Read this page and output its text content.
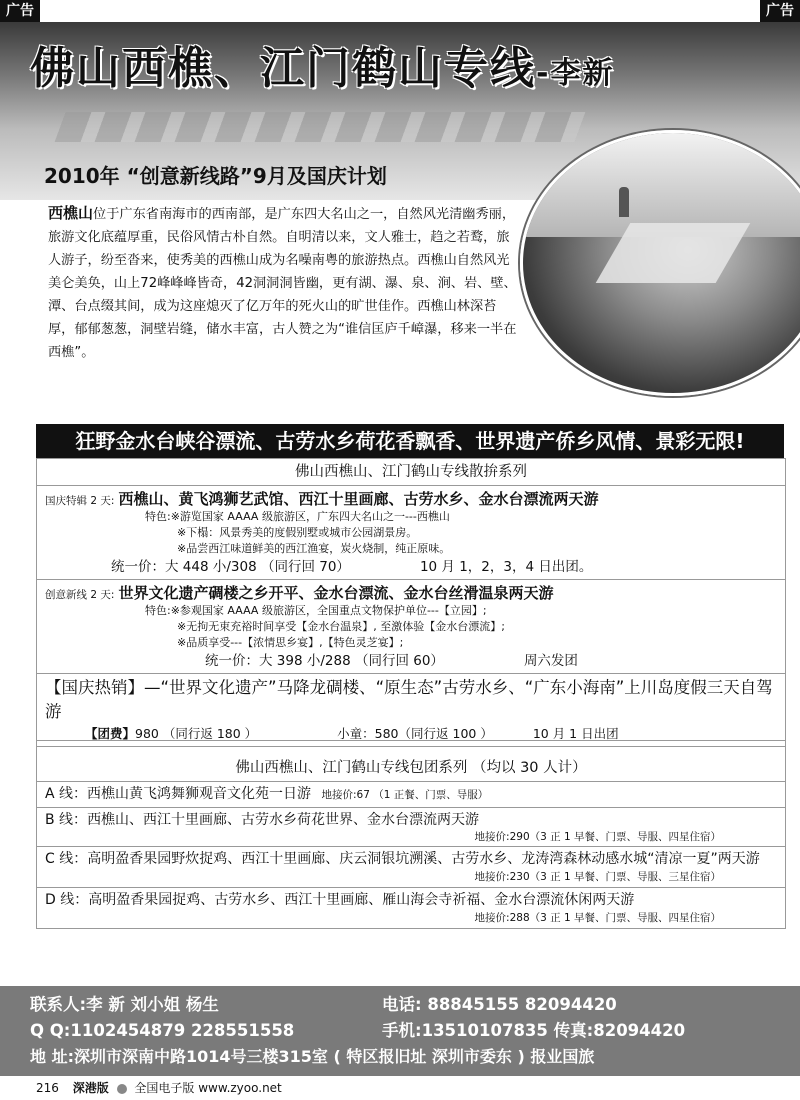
广告	广告
佛山西樵、江门鹤山专线-李新
2010年 “创意新线路”9月及国庆计划
西樵山位于广东省南海市的西南部，是广东四大名山之一，自然风光清幽秀丽，旅游文化底蕴厚重，民俗风情古朴自然。自明清以来，文人雅士，趋之若鹜，旅人游子，纷至沓来，使秀美的西樵山成为名噪南粤的旅游热点。西樵山自然风光美仑美奂，山上72峰峰峰皆奇，42洞洞洞皆幽，更有湖、瀑、泉、涧、岩、壁、潭、台点缀其间，成为这座熄灭了亿万年的死火山的旷世佳作。西樵山林深苔厚，郁郁葱葱，洞壁岩缝，储水丰富，古人赞之为“谁信匡庐千嶂瀑，移来一半在西樵”。
狂野金水台峡谷漂流、古劳水乡荷花香飘香、世界遗产侨乡风情、景彩无限!
佛山西樵山、江门鹤山专线散拚系列
国庆特辑 2 天: 西樵山、黄飞鸿狮艺武馆、西江十里画廊、古劳水乡、金水台漂流两天游
特色:※游览国家 AAAA 级旅游区，广东四大名山之一---西樵山
※下榻：风景秀美的度假别墅或城市公园湖景房。
※品尝西江味道鲜美的西江渔宴，炭火烧制，纯正原味。
统一价：大 448 小/308 （同行回 70）	10 月 1，2，3，4 日出团。
创意新线 2 天: 世界文化遗产碉楼之乡开平、金水台漂流、金水台丝滑温泉两天游
特色:※参观国家 AAAA 级旅游区，全国重点文物保护单位---【立园】;
※无拘无束充裕时间享受【金水台温泉】, 至激体验【金水台漂流】;
※品质享受---【浓情思乡宴】,【特色灵芝宴】;
统一价：大 398 小/288 （同行回 60）	周六发团
【国庆热销】—“世界文化遗产”马降龙碉楼、“原生态”古劳水乡、“广东小海南”上川岛度假三天自驾游
【团费】980 （同行返 180 ）	小童：580（同行返 100 ）	10 月 1 日出团
佛山西樵山、江门鹤山专线包团系列 （均以 30 人计）
A 线：西樵山黄飞鸿舞狮观音文化苑一日游 地接价:67 （1 正餐、门票、导服）
B 线：西樵山、西江十里画廊、古劳水乡荷花世界、金水台漂流两天游
地接价:290（3 正 1 早餐、门票、导服、四星住宿）
C 线： 高明盈香果园野炊捉鸡、西江十里画廊、庆云洞银坑溯溪、古劳水乡、龙涛湾森林动感水城“清凉一夏”两天游
地接价:230（3 正 1 早餐、门票、导服、三星住宿）
D 线： 高明盈香果园捉鸡、古劳水乡、西江十里画廊、雁山海会寺祈福、金水台漂流休闲两天游
地接价:288（3 正 1 早餐、门票、导服、四星住宿）
联系人:李 新 刘小姐 杨生	电话: 88845155 82094420
Q Q:1102454879 228551558	手机:13510107835 传真:82094420
地 址:深圳市深南中路1014号三楼315室 ( 特区报旧址 深圳市委东 ) 报业国旅
216 深港版 全国电子版 www.zyoo.net
